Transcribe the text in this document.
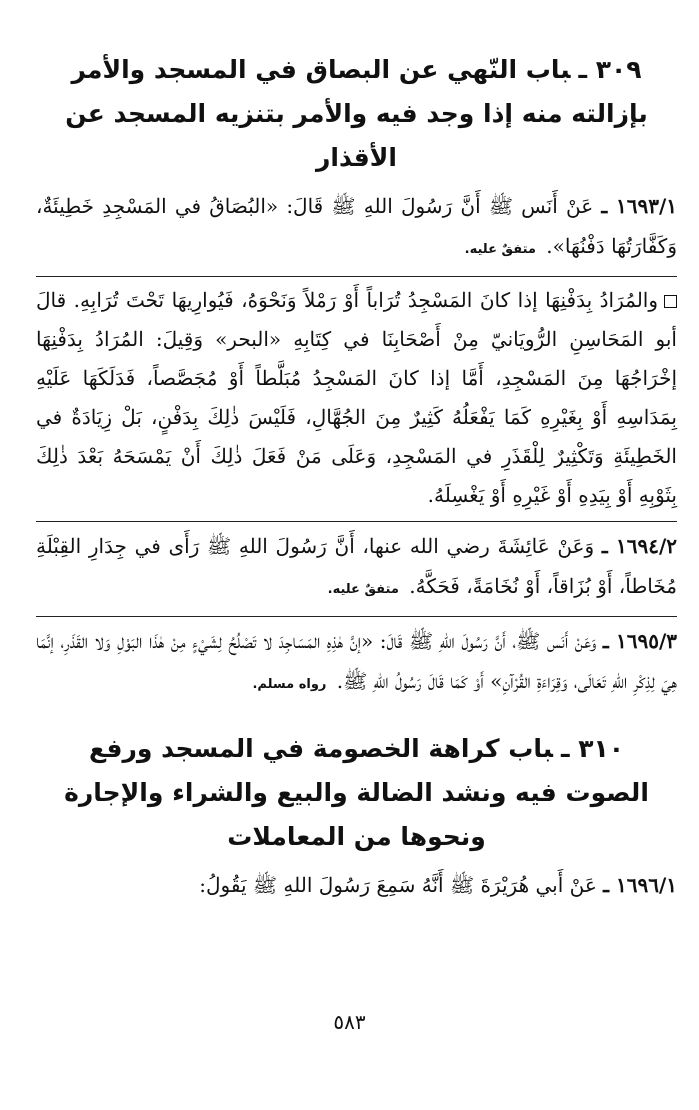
٣٠٩ ـباب النّهي عن البصاق في المسجد والأمر بإزالته منه إذا وجد فيه والأمر بتنزيه المسجد عن الأقذار

١٦٩٣/١ ـ عَنْ أَنَس ﷺ أَنَّ رَسُولَ اللهِ ﷺ قَالَ: «البُصَاقُ في المَسْجِدِ خَطِيئَةٌ، وَكَفَّارَتُهَا دَفْنُهَا». متفقٌ عليه.

والمُرَادُ بِدَفْنِهَا إذا كانَ المَسْجِدُ تُرَاباً أَوْ رَمْلاً وَنَحْوَهُ، فَيُوارِيهَا تَحْتَ تُرَابِهِ. قالَ أبو المَحَاسِنِ الرُّويَانيّ مِنْ أَصْحَابِنَا في كِتَابِهِ «البحر» وَقِيلَ: المُرَادُ بِدَفْنِهَا إخْرَاجُهَا مِنَ المَسْجِدِ، أَمَّا إذا كانَ المَسْجِدُ مُبَلَّطاً أَوْ مُجَصَّصاً، فَدَلَكَهَا عَلَيْهِ بِمَدَاسِهِ أَوْ بِغَيْرِهِ كَمَا يَفْعَلُهُ كَثِيرٌ مِنَ الجُهَّالِ، فَلَيْسَ ذٰلِكَ بِدَفْنٍ، بَلْ زِيَادَةٌ في الخَطِيئَةِ وَتَكْثِيرٌ لِلْقَذَرِ في المَسْجِدِ، وَعَلَى مَنْ فَعَلَ ذٰلِكَ أَنْ يَمْسَحَهُ بَعْدَ ذٰلِكَ بِثَوْبِهِ أَوْ بِيَدِهِ أَوْ غَيْرِهِ أَوْ يَغْسِلَهُ.

١٦٩٤/٢ ـ وَعَنْ عَائِشَةَ رضي الله عنها، أَنَّ رَسُولَ اللهِ ﷺ رَأَى في جِدَارِ القِبْلَةِ مُخَاطاً، أَوْ بُزَاقاً، أَوْ نُخَامَةً، فَحَكَّهُ. متفقٌ عليه.

١٦٩٥/٣ ـ وَعَنْ أَنَس ﷺ، أَنَّ رَسُولَ اللهِ ﷺ قَالَ: «إنَّ هٰذِهِ المَسَاجِدَ لا تَصْلُحُ لِشَيْءٍ مِنْ هٰذَا البَوْلِ وَلا القَذَرِ، إنَّمَا هِيَ لِذِكْرِ اللهِ تَعَالَى، وَقِرَاءَةِ القُرْآنِ» أَوْ كَمَا قَالَ رَسُولُ اللهِ ﷺ. رواه مسلم.

٣١٠ ـباب كراهة الخصومة في المسجد ورفع الصوت فيه ونشد الضالة والبيع والشراء والإجارة ونحوها من المعاملات

١٦٩٦/١ ـ عَنْ أَبي هُرَيْرَةَ ﷺ أَنَّهُ سَمِعَ رَسُولَ اللهِ ﷺ يَقُولُ:

٥٨٣
